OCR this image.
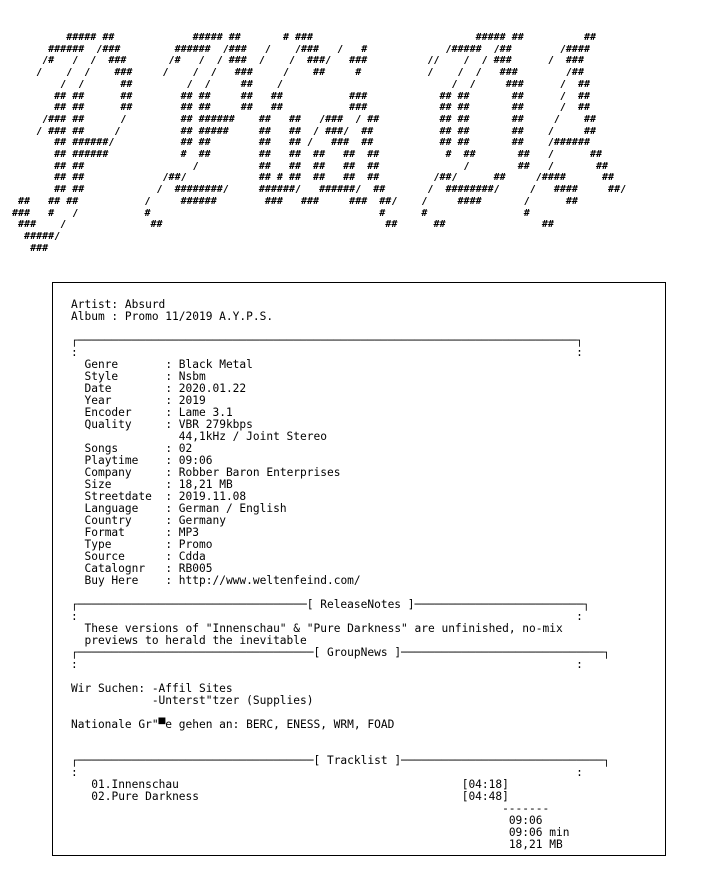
##### ##             ##### ##       # ###                           ##### ##          ##
######  /###         ######  /###   /    /###   /   #             /#####  /##        /####
/#   /  /  ###       /#   /  / ###  /    /  ###/   ###          //    /  / ###      /  ###
/    /  /    ###     /    /  /   ###     /    ##     #           /    /  /   ###        /##
/  /      ##         /  /     ##    /                            /  /     ###      /  ##
## ##      ##        ## ##     ##   ##           ###            ## ##       ##      /  ##
## ##      ##        ## ##     ##   ##           ###            ## ##       ##      /  ##
/### ##      /         ## ######    ##   ##   /###  / ##          ## ##       ##     /    ##
/ ### ##     /          ## #####     ##   ##  / ###/  ##           ## ##       ##    /     ##
## ######/           ## ##        ##   ## /   ###  ##           ## ##       ##    /######
## ######            #  ##        ##   ##  ##   ##  ##           #  ##       ##   /      ##
## ##                  /          ##   ##  ##   ##  ##              /        ##   /       ##
## ##             /##/            ## # ##  ##   ##  ##         /##/      ##     /####      ##
## ##            /  ########/     ######/   ######/  ##       /  ########/     /   ####     ##/
##   ## ##           /     ######        ###   ###     ###  ##/    /     ####       /      ##
###   #   /           #                                      #      #                #
###    /              ##                                     ##      ##                ##
#####/
###
Artist: Absurd
Album : Promo 11/2019 A.Y.P.S.

┌──────────────────────────────────────────────────────────────────────────┐
:                                                                          :
Genre       : Black Metal
Style       : Nsbm
Date        : 2020.01.22
Year        : 2019
Encoder     : Lame 3.1
Quality     : VBR 279kbps
44,1kHz / Joint Stereo
Songs       : 02
Playtime    : 09:06
Company     : Robber Baron Enterprises
Size        : 18,21 MB
Streetdate  : 2019.11.08
Language    : German / English
Country     : Germany
Format      : MP3
Type        : Promo
Source      : Cdda
Catalognr   : RB005
Buy Here    : http://www.weltenfeind.com/

┌──────────────────────────────────[ ReleaseNotes ]─────────────────────────┐
:                                                                          :
These versions of "Innenschau" & "Pure Darkness" are unfinished, no-mix
previews to herald the inevitable
┌───────────────────────────────────[ GroupNews ]──────────────────────────────┐
:                                                                          :

Wir Suchen: -Affil Sites
-Unterst"tzer (Supplies)

Nationale Gr"▀e gehen an: BERC, ENESS, WRM, FOAD

┌───────────────────────────────────[ Tracklist ]──────────────────────────────┐
:                                                                          :
01.Innenschau                                          [04:18]
02.Pure Darkness                                       [04:48]
-------
09:06
09:06 min
18,21 MB
